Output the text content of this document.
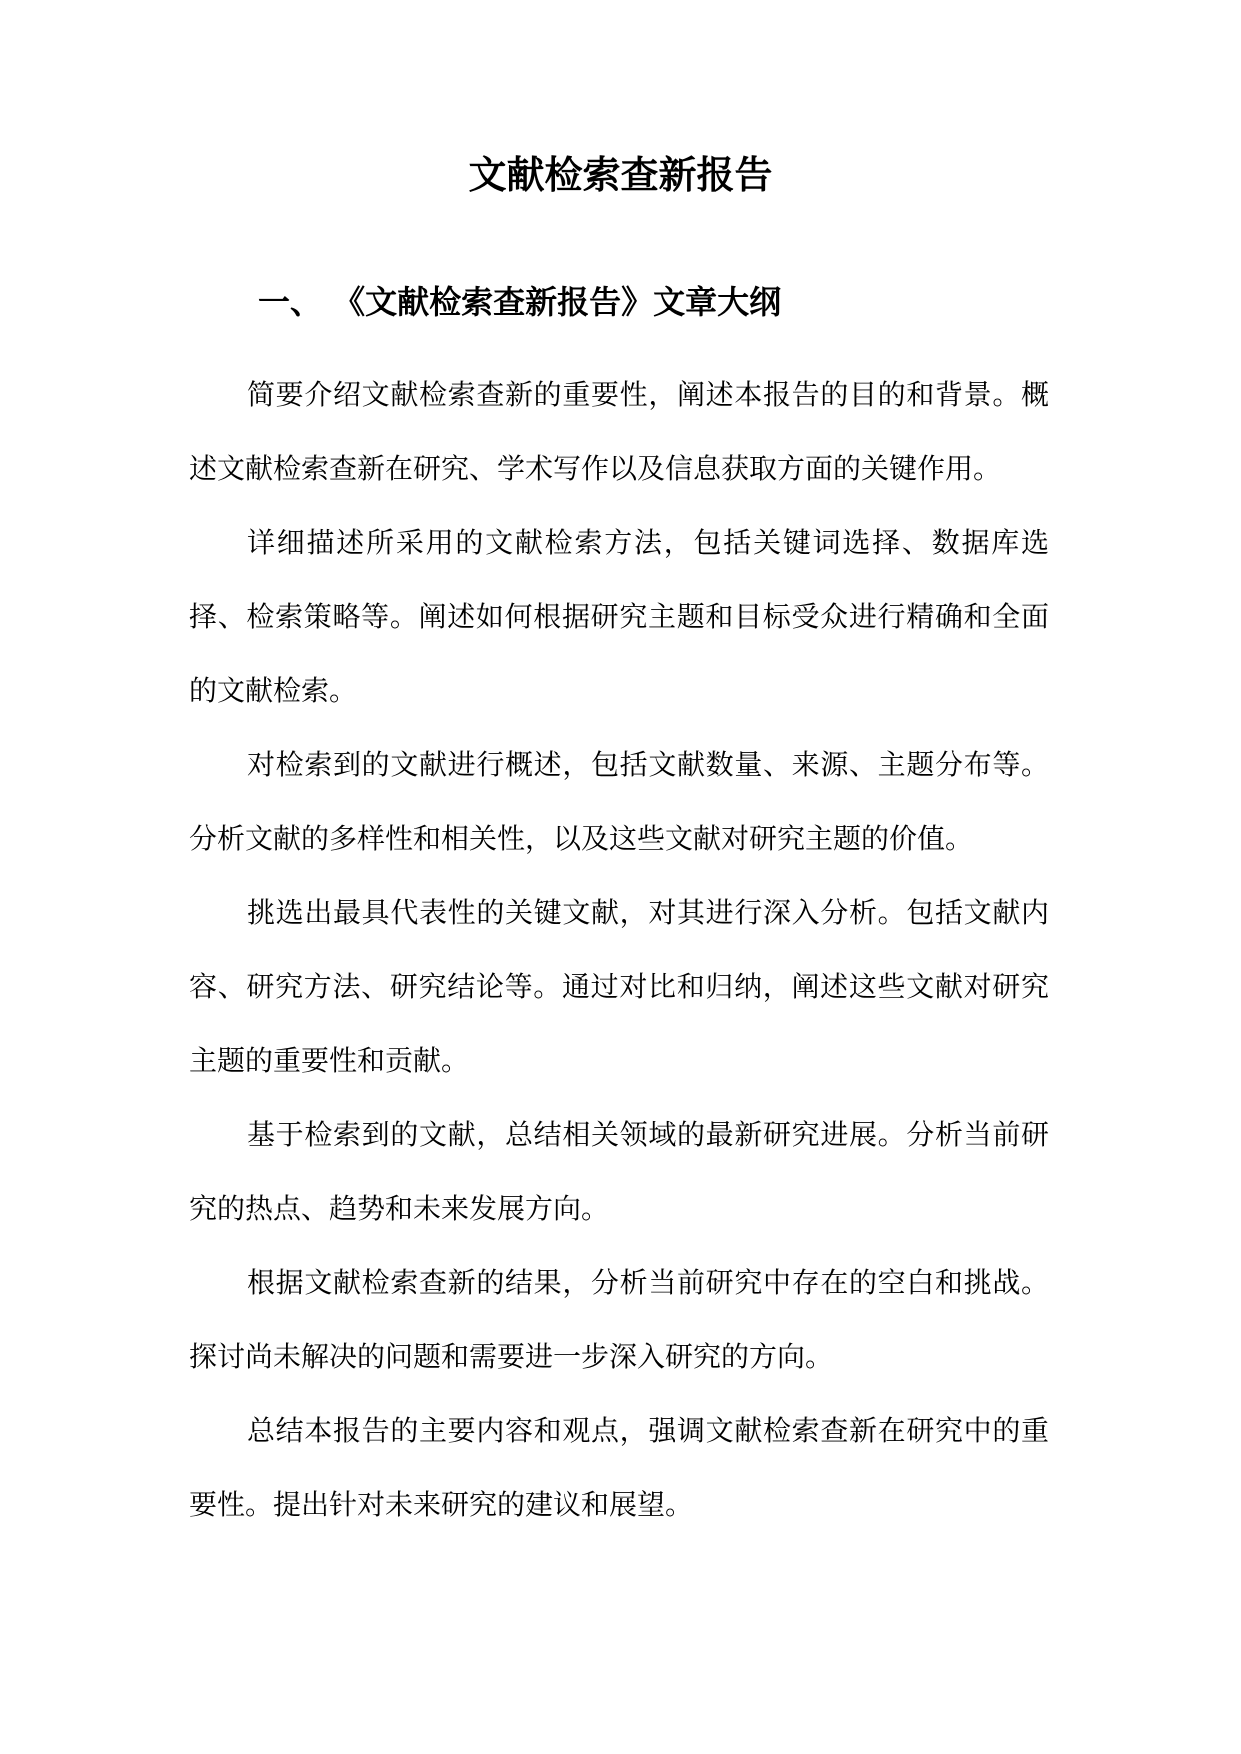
文献检索查新报告
一、 《文献检索查新报告》文章大纲

简要介绍文献检索查新的重要性，阐述本报告的目的和背景。概述文献检索查新在研究、学术写作以及信息获取方面的关键作用。

详细描述所采用的文献检索方法，包括关键词选择、数据库选择、检索策略等。阐述如何根据研究主题和目标受众进行精确和全面的文献检索。

对检索到的文献进行概述，包括文献数量、来源、主题分布等。分析文献的多样性和相关性，以及这些文献对研究主题的价值。

挑选出最具代表性的关键文献，对其进行深入分析。包括文献内容、研究方法、研究结论等。通过对比和归纳，阐述这些文献对研究主题的重要性和贡献。

基于检索到的文献，总结相关领域的最新研究进展。分析当前研究的热点、趋势和未来发展方向。

根据文献检索查新的结果，分析当前研究中存在的空白和挑战。探讨尚未解决的问题和需要进一步深入研究的方向。

总结本报告的主要内容和观点，强调文献检索查新在研究中的重要性。提出针对未来研究的建议和展望。
